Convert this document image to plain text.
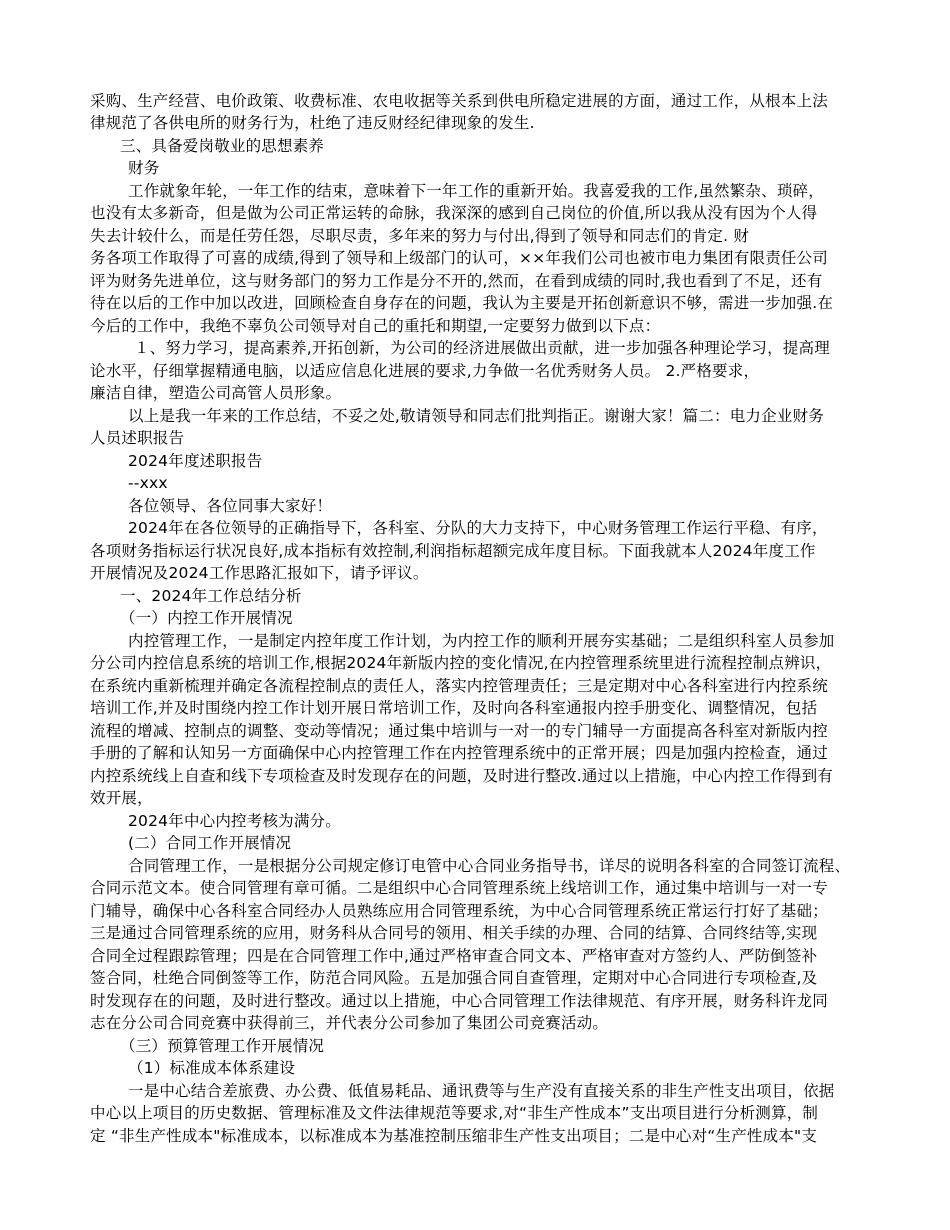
采购、生产经营、电价政策、收费标准、农电收据等关系到供电所稳定进展的方面，通过工作，从根本上法
律规范了各供电所的财务行为，杜绝了违反财经纪律现象的发生.
三、具备爱岗敬业的思想素养
财务
工作就象年轮，一年工作的结束，意味着下一年工作的重新开始。我喜爱我的工作,虽然繁杂、琐碎，
也没有太多新奇，但是做为公司正常运转的命脉，我深深的感到自己岗位的价值,所以我从没有因为个人得
失去计较什么，而是任劳任怨，尽职尽责，多年来的努力与付出,得到了领导和同志们的肯定. 财
务各项工作取得了可喜的成绩,得到了领导和上级部门的认可，××年我们公司也被市电力集团有限责任公司
评为财务先进单位，这与财务部门的努力工作是分不开的,然而，在看到成绩的同时,我也看到了不足，还有
待在以后的工作中加以改进，回顾检查自身存在的问题，我认为主要是开拓创新意识不够，需进一步加强.在
今后的工作中，我绝不辜负公司领导对自己的重托和期望,一定要努力做到以下点：
１、努力学习，提高素养,开拓创新，为公司的经济进展做出贡献，进一步加强各种理论学习，提高理
论水平，仔细掌握精通电脑，以适应信息化进展的要求,力争做一名优秀财务人员。 2.严格要求，
廉洁自律，塑造公司高管人员形象。
以上是我一年来的工作总结，不妥之处,敬请领导和同志们批判指正。谢谢大家！篇二：电力企业财务
人员述职报告
2024年度述职报告
--xxx
各位领导、各位同事大家好！
2024年在各位领导的正确指导下，各科室、分队的大力支持下，中心财务管理工作运行平稳、有序，
各项财务指标运行状况良好,成本指标有效控制,利润指标超额完成年度目标。下面我就本人2024年度工作
开展情况及2024工作思路汇报如下，请予评议。
一、2024年工作总结分析
（一）内控工作开展情况
内控管理工作，一是制定内控年度工作计划，为内控工作的顺利开展夯实基础；二是组织科室人员参加
分公司内控信息系统的培训工作,根据2024年新版内控的变化情况,在内控管理系统里进行流程控制点辨识，
在系统内重新梳理并确定各流程控制点的责任人，落实内控管理责任；三是定期对中心各科室进行内控系统
培训工作,并及时围绕内控工作计划开展日常培训工作，及时向各科室通报内控手册变化、调整情况，包括
流程的增减、控制点的调整、变动等情况；通过集中培训与一对一的专门辅导一方面提高各科室对新版内控
手册的了解和认知另一方面确保中心内控管理工作在内控管理系统中的正常开展；四是加强内控检查，通过
内控系统线上自查和线下专项检查及时发现存在的问题，及时进行整改.通过以上措施，中心内控工作得到有
效开展，
2024年中心内控考核为满分。
(二）合同工作开展情况
合同管理工作，一是根据分公司规定修订电管中心合同业务指导书，详尽的说明各科室的合同签订流程、
合同示范文本。使合同管理有章可循。二是组织中心合同管理系统上线培训工作，通过集中培训与一对一专
门辅导，确保中心各科室合同经办人员熟练应用合同管理系统，为中心合同管理系统正常运行打好了基础；
三是通过合同管理系统的应用，财务科从合同号的领用、相关手续的办理、合同的结算、合同终结等,实现
合同全过程跟踪管理；四是在合同管理工作中,通过严格审查合同文本、严格审查对方签约人、严防倒签补
签合同，杜绝合同倒签等工作，防范合同风险。五是加强合同自查管理，定期对中心合同进行专项检查,及
时发现存在的问题，及时进行整改。通过以上措施，中心合同管理工作法律规范、有序开展，财务科许龙同
志在分公司合同竞赛中获得前三，并代表分公司参加了集团公司竞赛活动。
（三）预算管理工作开展情况
（1）标准成本体系建设
一是中心结合差旅费、办公费、低值易耗品、通讯费等与生产没有直接关系的非生产性支出项目，依据
中心以上项目的历史数据、管理标准及文件法律规范等要求,对“非生产性成本”支出项目进行分析测算，制
定 “非生产性成本"标准成本，以标准成本为基准控制压缩非生产性支出项目；二是中心对“生产性成本"支
